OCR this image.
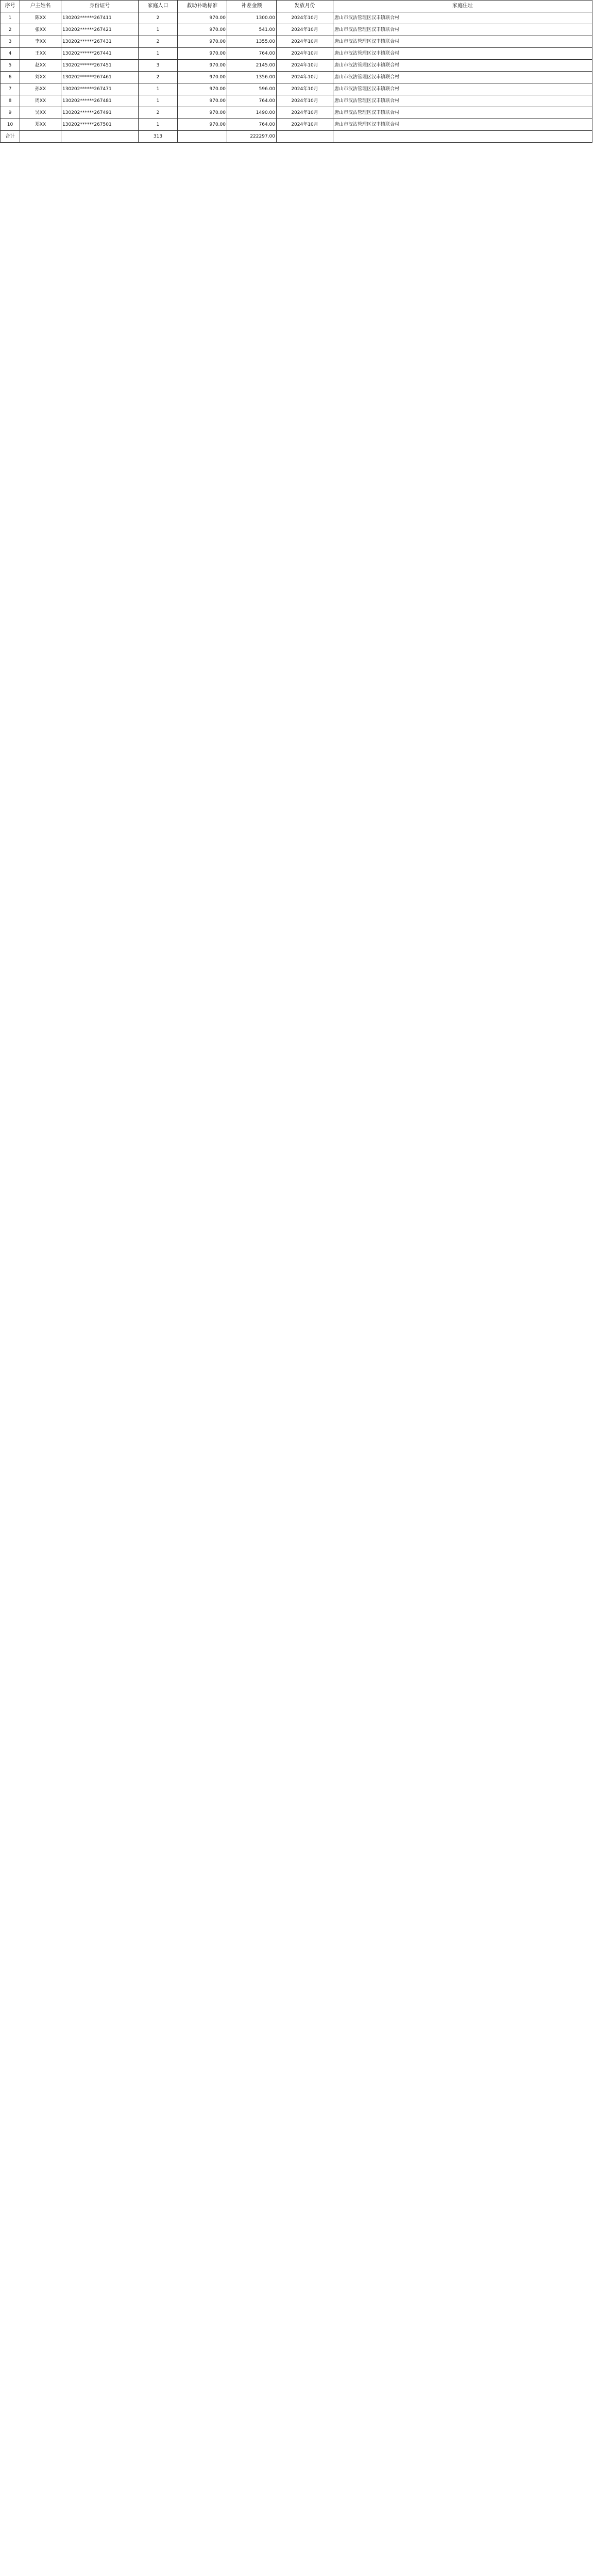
序号	户主姓名	身份证号	家庭人口	救助补助标准	补差金额	发放月份	家庭住址
1	陈XX	130202******267411	2	970.00	1300.00	2024年10月	唐山市汉沽管理区汉丰镇联合村
2	张XX	130202******267421	1	970.00	541.00	2024年10月	唐山市汉沽管理区汉丰镇联合村
3	李XX	130202******267431	2	970.00	1355.00	2024年10月	唐山市汉沽管理区汉丰镇联合村
4	王XX	130202******267441	1	970.00	764.00	2024年10月	唐山市汉沽管理区汉丰镇联合村
5	赵XX	130202******267451	3	970.00	2145.00	2024年10月	唐山市汉沽管理区汉丰镇联合村
6	刘XX	130202******267461	2	970.00	1356.00	2024年10月	唐山市汉沽管理区汉丰镇联合村
7	孙XX	130202******267471	1	970.00	596.00	2024年10月	唐山市汉沽管理区汉丰镇联合村
8	周XX	130202******267481	1	970.00	764.00	2024年10月	唐山市汉沽管理区汉丰镇联合村
9	吴XX	130202******267491	2	970.00	1490.00	2024年10月	唐山市汉沽管理区汉丰镇联合村
10	郑XX	130202******267501	1	970.00	764.00	2024年10月	唐山市汉沽管理区汉丰镇联合村
合计			313		222297.00		
